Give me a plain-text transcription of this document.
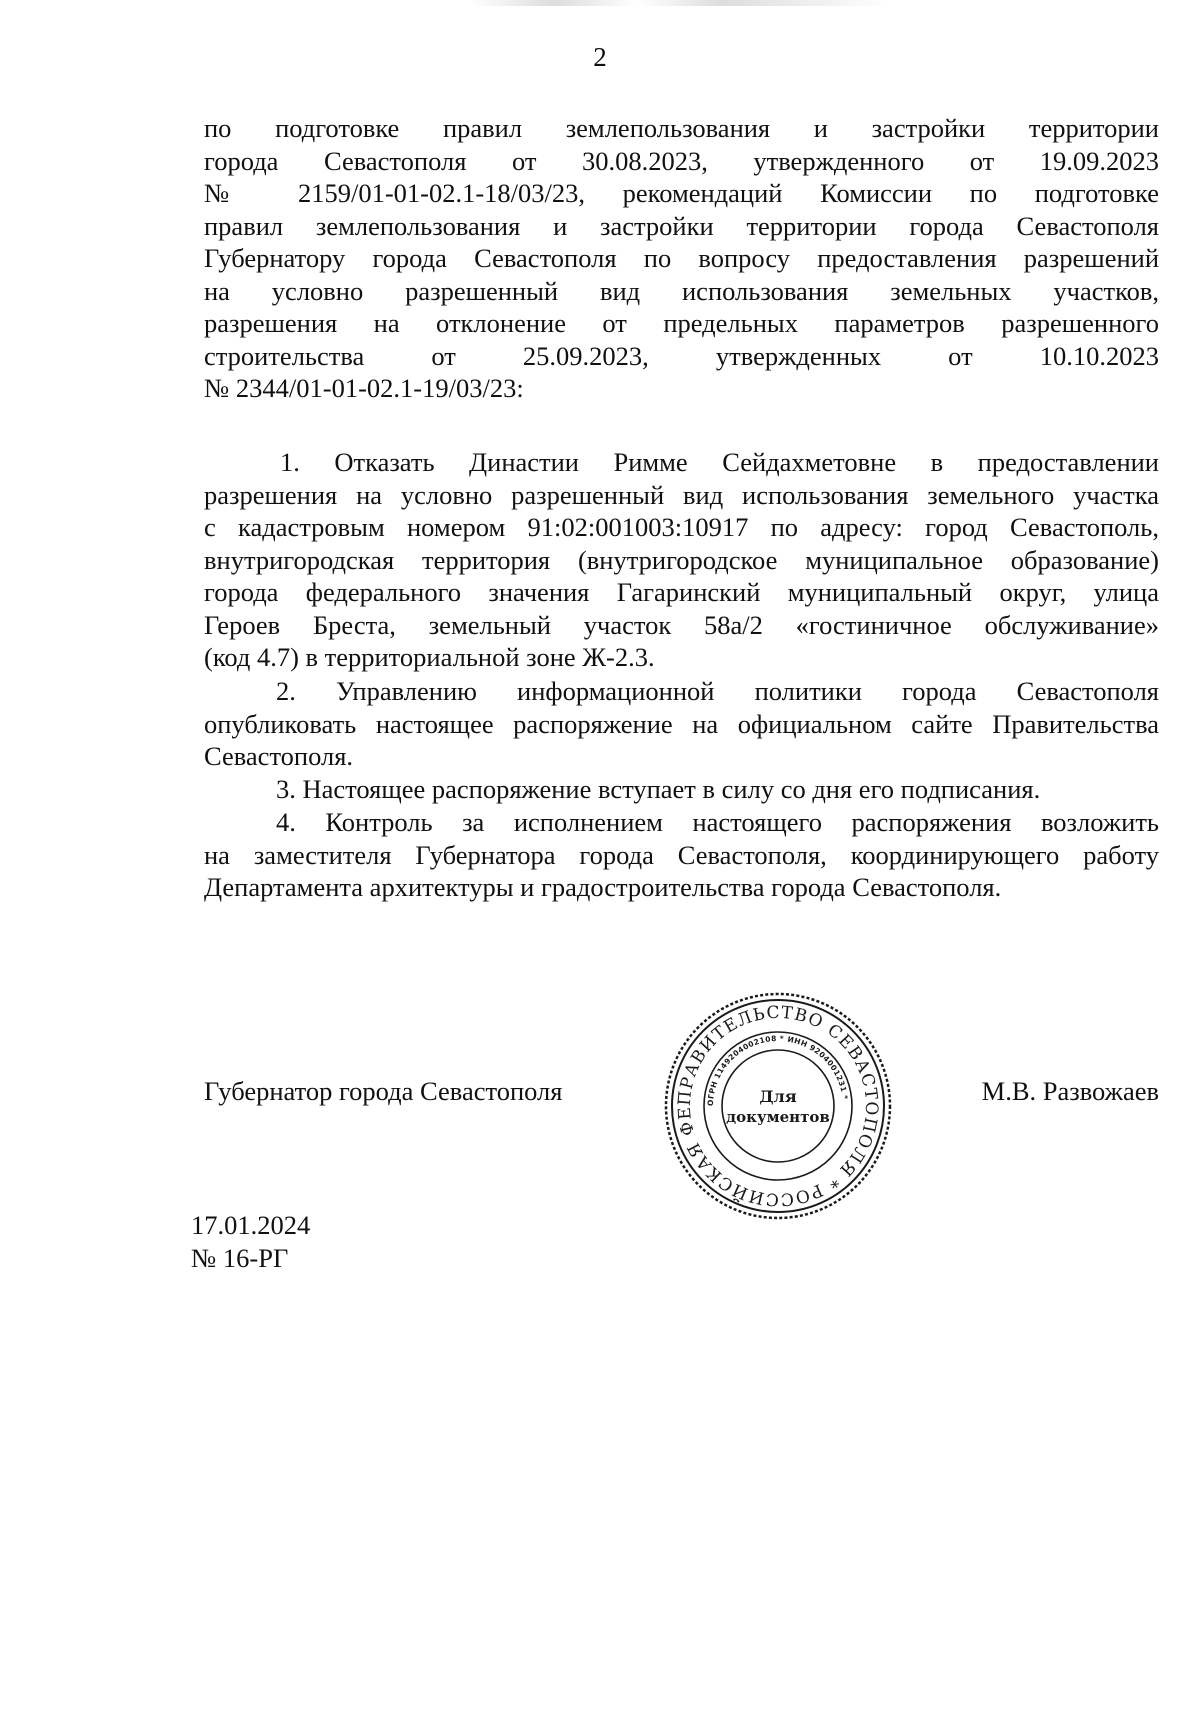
2
по подготовке правил землепользования и застройки территории
города Севастополя от 30.08.2023, утвержденного от 19.09.2023
№ 2159/01-01-02.1-18/03/23, рекомендаций Комиссии по подготовке
правил землепользования и застройки территории города Севастополя
Губернатору города Севастополя по вопросу предоставления разрешений
на условно разрешенный вид использования земельных участков,
разрешения на отклонение от предельных параметров разрешенного
строительства от 25.09.2023, утвержденных от 10.10.2023
№ 2344/01-01-02.1-19/03/23:
1. Отказать Династии Римме Сейдахметовне в предоставлении
разрешения на условно разрешенный вид использования земельного участка
с кадастровым номером 91:02:001003:10917 по адресу: город Севастополь,
внутригородская территория (внутригородское муниципальное образование)
города федерального значения Гагаринский муниципальный округ, улица
Героев Бреста, земельный участок 58а/2 «гостиничное обслуживание»
(код 4.7) в территориальной зоне Ж-2.3.
2. Управлению информационной политики города Севастополя
опубликовать настоящее распоряжение на официальном сайте Правительства
Севастополя.
3. Настоящее распоряжение вступает в силу со дня его подписания.
4. Контроль за исполнением настоящего распоряжения возложить
на заместителя Губернатора города Севастополя, координирующего работу
Департамента архитектуры и градостроительства города Севастополя.
Губернатор города Севастополя	М.В. Развожаев
ПРАВИТЕЛЬСТВО СЕВАСТОПОЛЯ * РОССИЙСКАЯ ФЕ
ОГРН 1149204002108 * ИНН 9204001231 *
Для
документов
17.01.2024
№ 16-РГ
